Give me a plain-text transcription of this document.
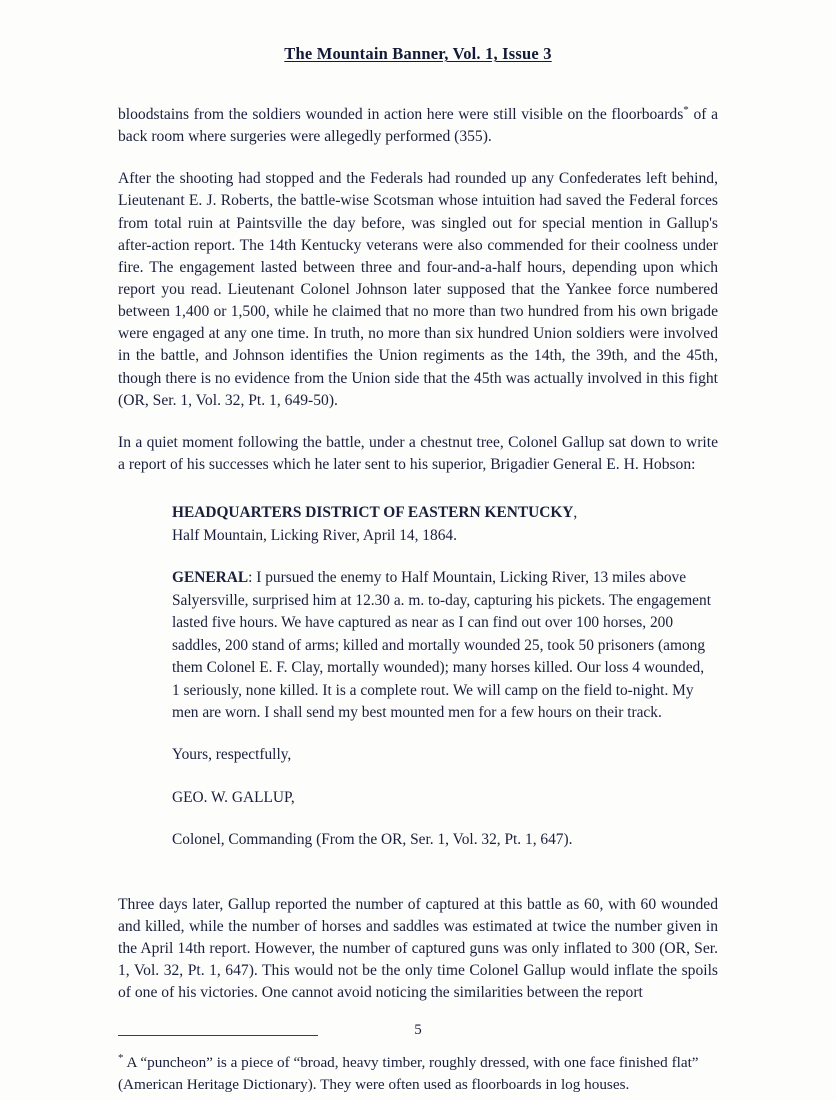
The Mountain Banner, Vol. 1, Issue 3

bloodstains from the soldiers wounded in action here were still visible on the floorboards* of a back room where surgeries were allegedly performed (355).

After the shooting had stopped and the Federals had rounded up any Confederates left behind, Lieutenant E. J. Roberts, the battle-wise Scotsman whose intuition had saved the Federal forces from total ruin at Paintsville the day before, was singled out for special mention in Gallup's after-action report. The 14th Kentucky veterans were also commended for their coolness under fire. The engagement lasted between three and four-and-a-half hours, depending upon which report you read. Lieutenant Colonel Johnson later supposed that the Yankee force numbered between 1,400 or 1,500, while he claimed that no more than two hundred from his own brigade were engaged at any one time. In truth, no more than six hundred Union soldiers were involved in the battle, and Johnson identifies the Union regiments as the 14th, the 39th, and the 45th, though there is no evidence from the Union side that the 45th was actually involved in this fight (OR, Ser. 1, Vol. 32, Pt. 1, 649-50).

In a quiet moment following the battle, under a chestnut tree, Colonel Gallup sat down to write a report of his successes which he later sent to his superior, Brigadier General E. H. Hobson:

HEADQUARTERS DISTRICT OF EASTERN KENTUCKY,
Half Mountain, Licking River, April 14, 1864.

GENERAL: I pursued the enemy to Half Mountain, Licking River, 13 miles above Salyersville, surprised him at 12.30 a. m. to-day, capturing his pickets. The engagement lasted five hours. We have captured as near as I can find out over 100 horses, 200 saddles, 200 stand of arms; killed and mortally wounded 25, took 50 prisoners (among them Colonel E. F. Clay, mortally wounded); many horses killed. Our loss 4 wounded, 1 seriously, none killed. It is a complete rout. We will camp on the field to-night. My men are worn. I shall send my best mounted men for a few hours on their track.

Yours, respectfully,

GEO. W. GALLUP,

Colonel, Commanding (From the OR, Ser. 1, Vol. 32, Pt. 1, 647).

Three days later, Gallup reported the number of captured at this battle as 60, with 60 wounded and killed, while the number of horses and saddles was estimated at twice the number given in the April 14th report. However, the number of captured guns was only inflated to 300 (OR, Ser. 1, Vol. 32, Pt. 1, 647). This would not be the only time Colonel Gallup would inflate the spoils of one of his victories. One cannot avoid noticing the similarities between the report

* A “puncheon” is a piece of “broad, heavy timber, roughly dressed, with one face finished flat” (American Heritage Dictionary). They were often used as floorboards in log houses.

5
